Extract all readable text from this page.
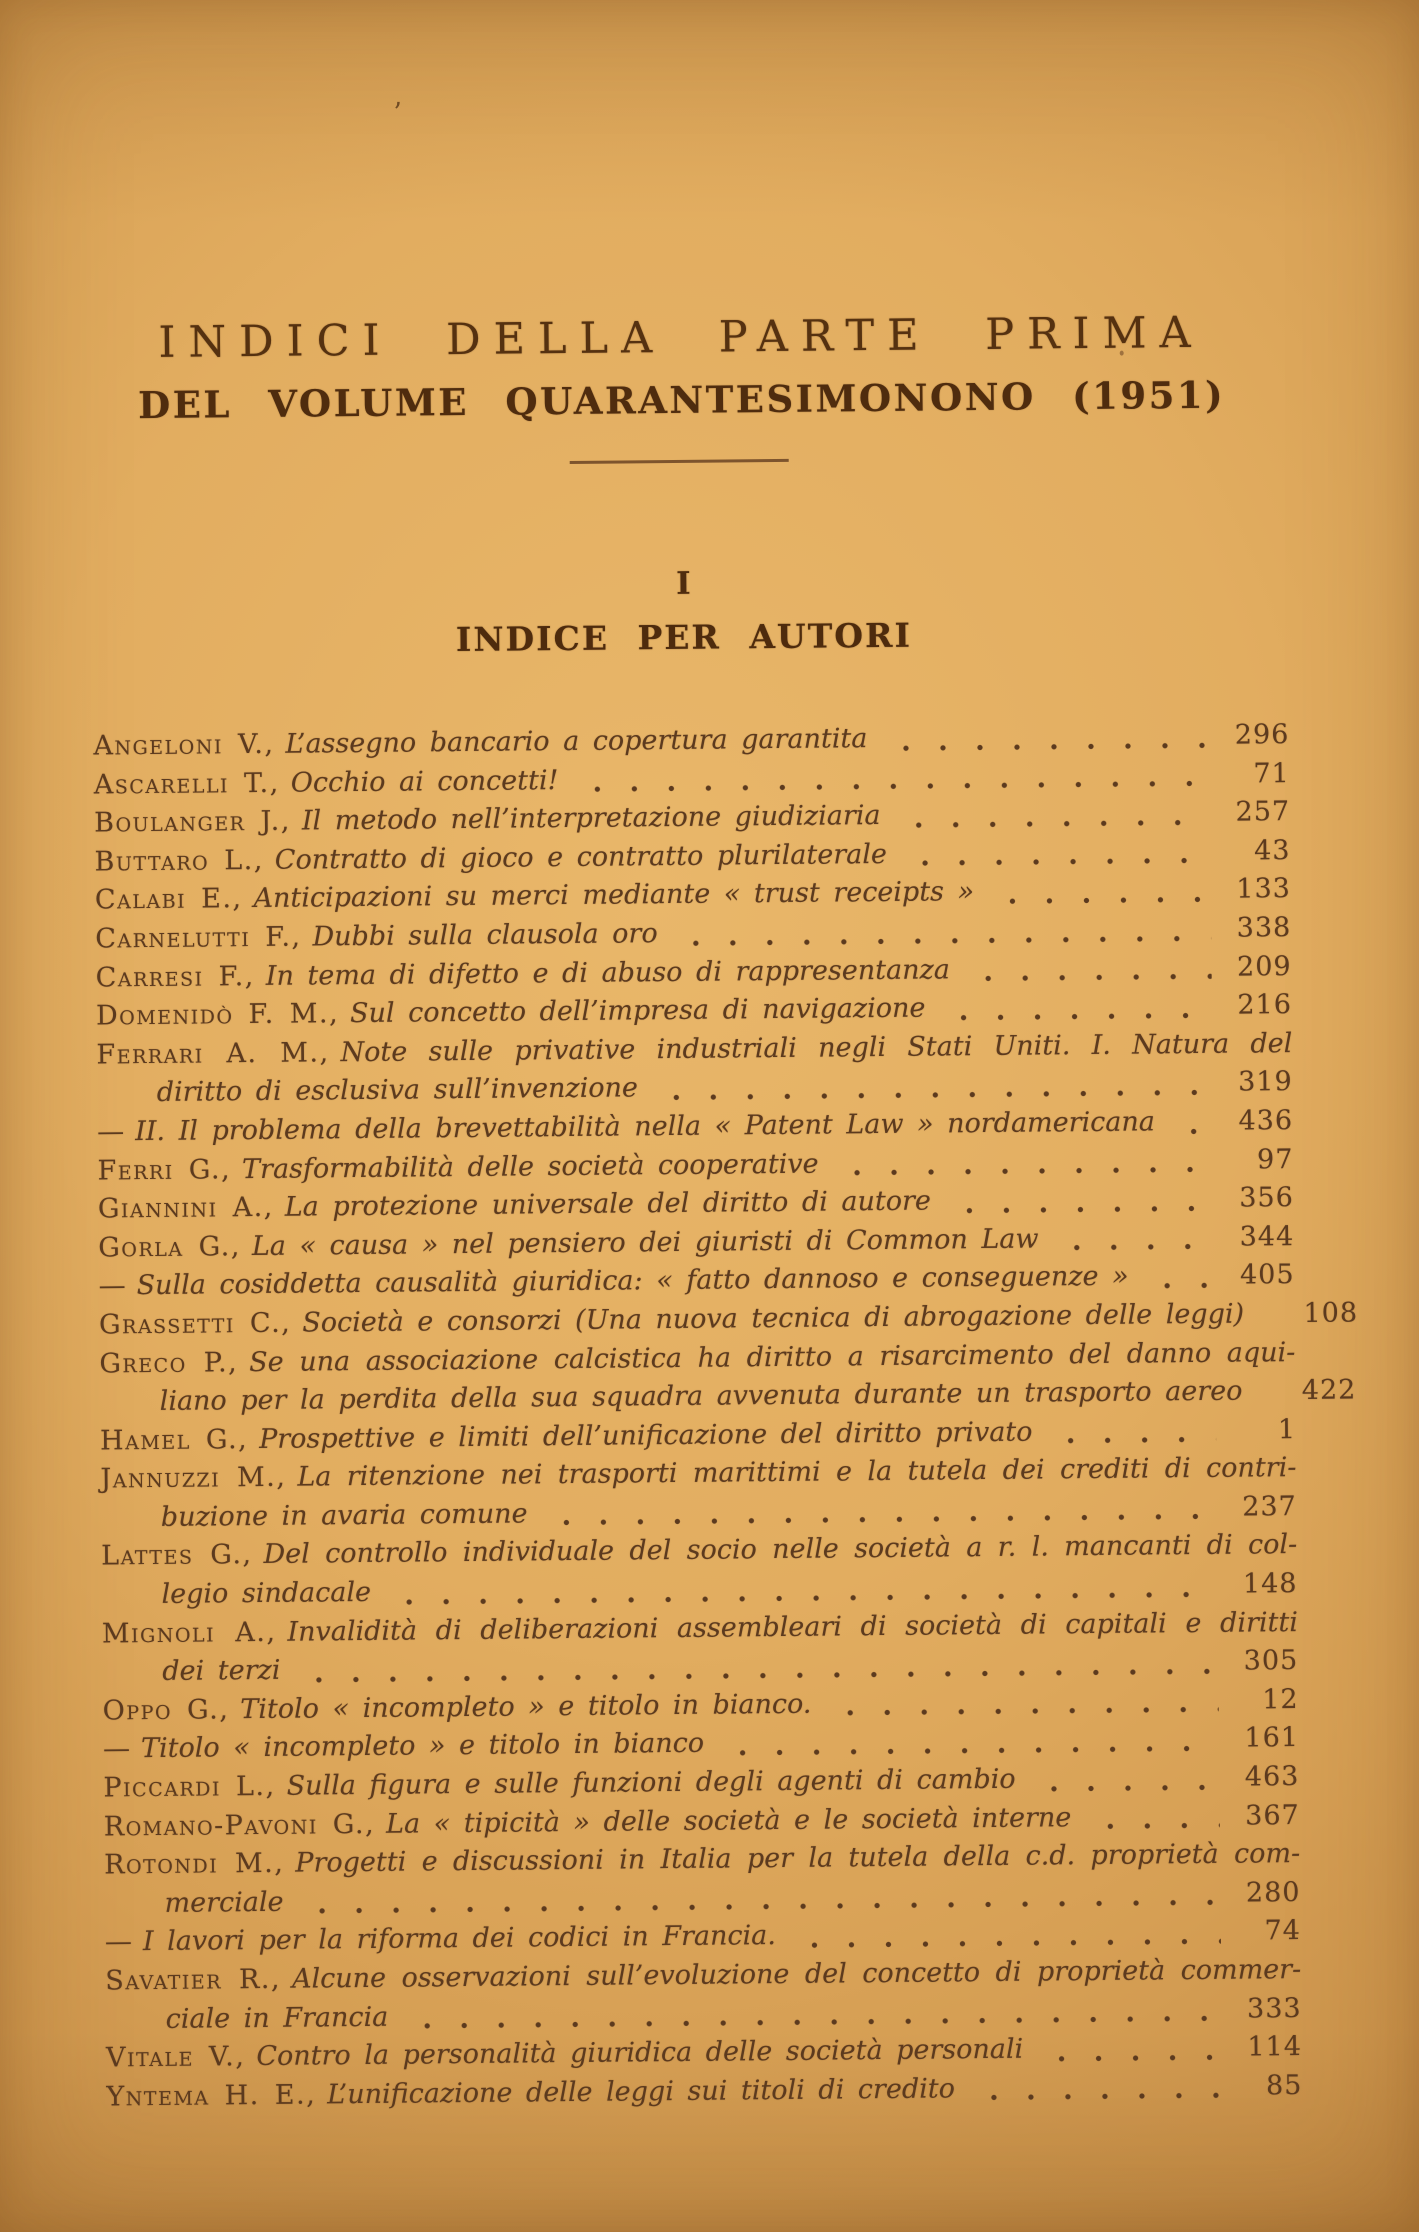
’
INDICI DELLA PARTE PRIMA
DEL VOLUME QUARANTESIMONONO (1951)
I
INDICE PER AUTORI
Angeloni V., L’assegno bancario a copertura garantita	296
Ascarelli T., Occhio ai concetti!	71
Boulanger J., Il metodo nell’interpretazione giudiziaria	257
Buttaro L., Contratto di gioco e contratto plurilaterale	43
Calabi E., Anticipazioni su merci mediante « trust receipts »	133
Carnelutti F., Dubbi sulla clausola oro	338
Carresi F., In tema di difetto e di abuso di rappresentanza	209
Domenidò F. M., Sul concetto dell’impresa di navigazione	216
Ferrari A. M., Note sulle privative industriali negli Stati Uniti. I. Natura del
diritto di esclusiva sull’invenzione	319
— II. Il problema della brevettabilità nella « Patent Law » nordamericana	436
Ferri G., Trasformabilità delle società cooperative	97
Giannini A., La protezione universale del diritto di autore	356
Gorla G., La « causa » nel pensiero dei giuristi di Common Law	344
— Sulla cosiddetta causalità giuridica: « fatto dannoso e conseguenze »	405
Grassetti C., Società e consorzi (Una nuova tecnica di abrogazione delle leggi)	108
Greco P., Se una associazione calcistica ha diritto a risarcimento del danno aqui-
liano per la perdita della sua squadra avvenuta durante un trasporto aereo	422
Hamel G., Prospettive e limiti dell’unificazione del diritto privato	1
Jannuzzi M., La ritenzione nei trasporti marittimi e la tutela dei crediti di contri-
buzione in avaria comune	237
Lattes G., Del controllo individuale del socio nelle società a r. l. mancanti di col-
legio sindacale	148
Mignoli A., Invalidità di deliberazioni assembleari di società di capitali e diritti
dei terzi	305
Oppo G., Titolo « incompleto » e titolo in bianco.	12
— Titolo « incompleto » e titolo in bianco	161
Piccardi L., Sulla figura e sulle funzioni degli agenti di cambio	463
Romano-Pavoni G., La « tipicità » delle società e le società interne	367
Rotondi M., Progetti e discussioni in Italia per la tutela della c.d. proprietà com-
merciale	280
— I lavori per la riforma dei codici in Francia.	74
Savatier R., Alcune osservazioni sull’evoluzione del concetto di proprietà commer-
ciale in Francia	333
Vitale V., Contro la personalità giuridica delle società personali	114
Yntema H. E., L’unificazione delle leggi sui titoli di credito	85
